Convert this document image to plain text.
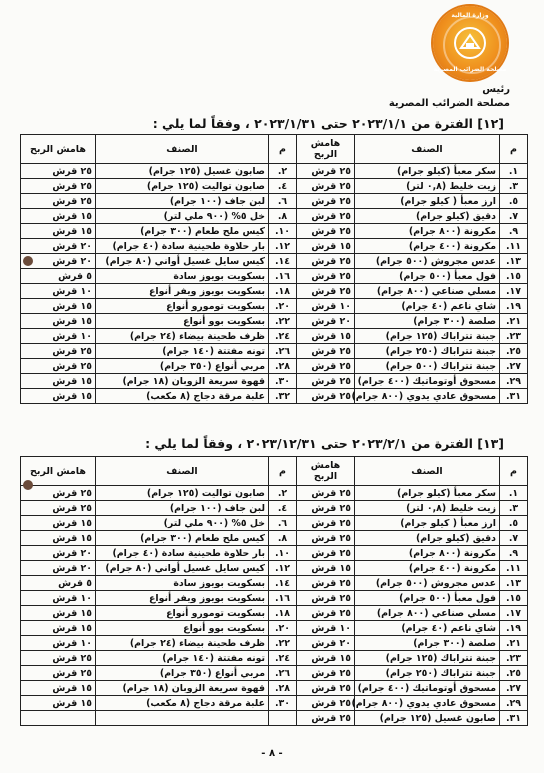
وزارة المالية
مصلحة الضرائب المصرية
رئيس
مصلحة الضرائب المصرية
[١٢] الفترة من ٢٠٢٣/١/١ حتى ٢٠٢٣/١/٣١ ، وفقاً لما يلي :
م	الصنف	هامش الربح	م	الصنف	هامش الربح
١.	سكر معبأ (كيلو جرام)	٢٥ قرش	٢.	صابون غسيل (١٢٥ جرام)	٢٥ قرش
٣.	زيت خليط (٠,٨ لتر)	٢٥ قرش	٤.	صابون تواليت (١٢٥ جرام)	٢٥ قرش
٥.	ارز معبأ ( كيلو جرام)	٢٥ قرش	٦.	لبن جاف (١٠٠ جرام)	٢٥ قرش
٧.	دقيق (كيلو جرام)	٢٥ قرش	٨.	خل ٥% (٩٠٠ ملي لتر)	١٥ قرش
٩.	مكرونة (٨٠٠ جرام)	٢٥ قرش	١٠.	كيس ملح طعام (٣٠٠ جرام)	١٥ قرش
١١.	مكرونة (٤٠٠ جرام)	١٥ قرش	١٢.	بار حلاوة طحينية سادة (٤٠ جرام)	٢٠ قرش
١٣.	عدس مجروش (٥٠٠ جرام)	٢٥ قرش	١٤.	كيس سايل غسيل أواني (٨٠ جرام)	٢٠ قرش
١٥.	فول معبأ (٥٠٠ جرام)	٢٥ قرش	١٦.	بسكويت بويوز سادة	٥ قرش
١٧.	مسلي صناعي (٨٠٠ جرام)	٢٥ قرش	١٨.	بسكويت بويوز ويفر أنواع	١٠ قرش
١٩.	شاي ناعم (٤٠ جرام)	١٠ قرش	٢٠.	بسكويت تومورو أنواع	١٥ قرش
٢١.	صلصة (٣٠٠ جرام)	٢٠ قرش	٢٢.	بسكويت بوو أنواع	١٥ قرش
٢٣.	جبنة تتراباك (١٢٥ جرام)	١٥ قرش	٢٤.	ظرف طحينة بيضاء (٢٤ جرام)	١٠ قرش
٢٥.	جبنة تتراباك (٢٥٠ جرام)	٢٥ قرش	٢٦.	تونه مفتتة (١٤٠ جرام)	٢٥ قرش
٢٧.	جبنة تتراباك (٥٠٠ جرام)	٢٥ قرش	٢٨.	مربي أنواع (٣٥٠ جرام)	٢٥ قرش
٢٩.	مسحوق أوتوماتيك (٤٠٠ جرام)	٢٥ قرش	٣٠.	قهوة سريعة الزوبان (١٨ جرام)	١٥ قرش
٣١.	مسحوق عادي يدوي (٨٠٠ جرام)	٢٥ قرش	٣٢.	علبة مرقة دجاج (٨ مكعب)	١٥ قرش
[١٣] الفترة من ٢٠٢٣/٢/١ حتى ٢٠٢٣/١٢/٣١ ، وفقاً لما يلي :
م	الصنف	هامش الربح	م	الصنف	هامش الربح
١.	سكر معبأ (كيلو جرام)	٢٥ قرش	٢.	صابون تواليت (١٢٥ جرام)	٢٥ قرش
٣.	زيت خليط (٠,٨ لتر)	٢٥ قرش	٤.	لبن جاف (١٠٠ جرام)	٢٥ قرش
٥.	ارز معبأ ( كيلو جرام)	٢٥ قرش	٦.	خل ٥% (٩٠٠ ملي لتر)	١٥ قرش
٧.	دقيق (كيلو جرام)	٢٥ قرش	٨.	كيس ملح طعام (٣٠٠ جرام)	١٥ قرش
٩.	مكرونة (٨٠٠ جرام)	٢٥ قرش	١٠.	بار حلاوة طحينية سادة (٤٠ جرام)	٢٠ قرش
١١.	مكرونة (٤٠٠ جرام)	١٥ قرش	١٢.	كيس سايل غسيل أواني (٨٠ جرام)	٢٠ قرش
١٣.	عدس مجروش (٥٠٠ جرام)	٢٥ قرش	١٤.	بسكويت بويوز سادة	٥ قرش
١٥.	فول معبأ (٥٠٠ جرام)	٢٥ قرش	١٦.	بسكويت بويوز ويفر أنواع	١٠ قرش
١٧.	مسلي صناعي (٨٠٠ جرام)	٢٥ قرش	١٨.	بسكويت تومورو أنواع	١٥ قرش
١٩.	شاي ناعم (٤٠ جرام)	١٠ قرش	٢٠.	بسكويت بوو أنواع	١٥ قرش
٢١.	صلصة (٣٠٠ جرام)	٢٠ قرش	٢٢.	ظرف طحينة بيضاء (٢٤ جرام)	١٠ قرش
٢٣.	جبنة تتراباك (١٢٥ جرام)	١٥ قرش	٢٤.	تونه مفتتة (١٤٠ جرام)	٢٥ قرش
٢٥.	جبنة تتراباك (٢٥٠ جرام)	٢٥ قرش	٢٦.	مربي أنواع (٣٥٠ جرام)	٢٥ قرش
٢٧.	مسحوق أوتوماتيك (٤٠٠ جرام)	٢٥ قرش	٢٨.	قهوة سريعة الزوبان (١٨ جرام)	١٥ قرش
٢٩.	مسحوق عادي يدوي (٨٠٠ جرام)	٢٥ قرش	٣٠.	علبة مرقة دجاج (٨ مكعب)	١٥ قرش
٣١.	صابون غسيل (١٢٥ جرام)	٢٥ قرش			
- ٨ -
